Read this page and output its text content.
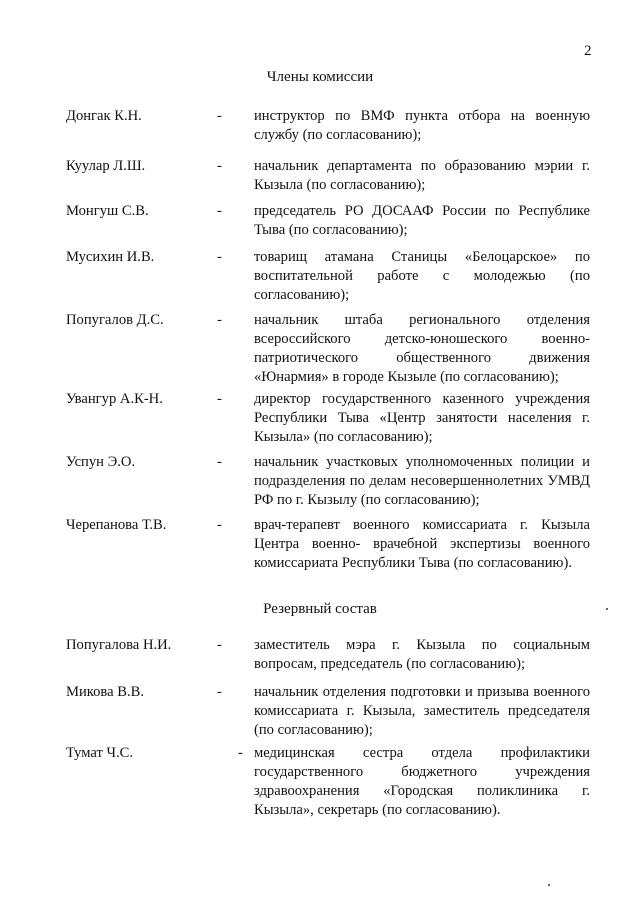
2
Члены комиссии
Донгак К.Н.	- инструктор по ВМФ пункта отбора на военную службу (по согласованию);
Куулар Л.Ш.	- начальник департамента по образованию мэрии г. Кызыла (по согласованию);
Монгуш С.В.	- председатель РО ДОСААФ России по Республике Тыва (по согласованию);
Мусихин И.В.	- товарищ атамана Станицы «Белоцарское» по воспитательной работе с молодежью (по согласованию);
Попугалов Д.С.	- начальник штаба регионального отделения всероссийского детско-юношеского военно-патриотического общественного движения «Юнармия» в городе Кызыле (по согласованию);
Увангур А.К-Н.	- директор государственного казенного учреждения Республики Тыва «Центр занятости населения г. Кызыла» (по согласованию);
Успун Э.О.	- начальник участковых уполномоченных полиции и подразделения по делам несовершеннолетних УМВД РФ по г. Кызылу (по согласованию);
Черепанова Т.В.	- врач-терапевт военного комиссариата г. Кызыла Центра военно- врачебной экспертизы военного комиссариата Республики Тыва (по согласованию).
Резервный состав
Попугалова Н.И.	- заместитель мэра г. Кызыла по социальным вопросам, председатель (по согласованию);
Микова В.В.	- начальник отделения подготовки и призыва военного комиссариата г. Кызыла, заместитель председателя (по согласованию);
Тумат Ч.С.	- медицинская сестра отдела профилактики государственного бюджетного учреждения здравоохранения «Городская поликлиника г. Кызыла», секретарь (по согласованию).
